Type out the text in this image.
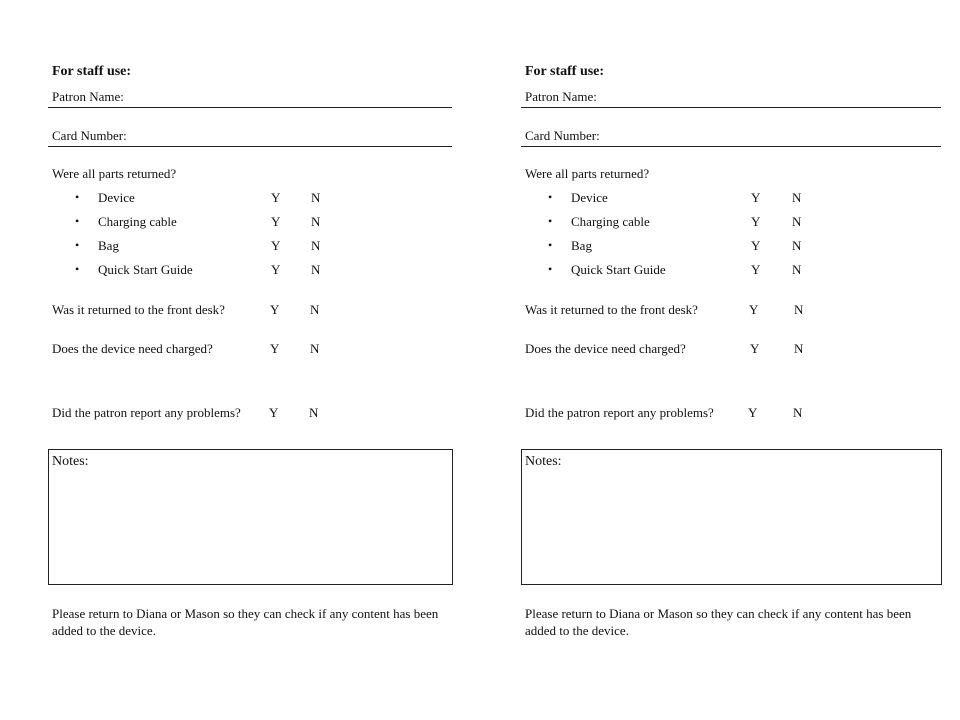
For staff use:
Patron Name:
Card Number:
Were all parts returned?
• Device	Y N
• Charging cable	Y N
• Bag	Y N
• Quick Start Guide	Y N
Was it returned to the front desk?	Y N
Does the device need charged?	Y N
Did the patron report any problems? Y N
Notes:
Please return to Diana or Mason so they can check if any content has been added to the device.
For staff use:
Patron Name:
Card Number:
Were all parts returned?
• Device	Y N
• Charging cable	Y N
• Bag	Y N
• Quick Start Guide	Y N
Was it returned to the front desk?	Y	N
Does the device need charged?	Y	N
Did the patron report any problems?	Y	N
Notes:
Please return to Diana or Mason so they can check if any content has been added to the device.
